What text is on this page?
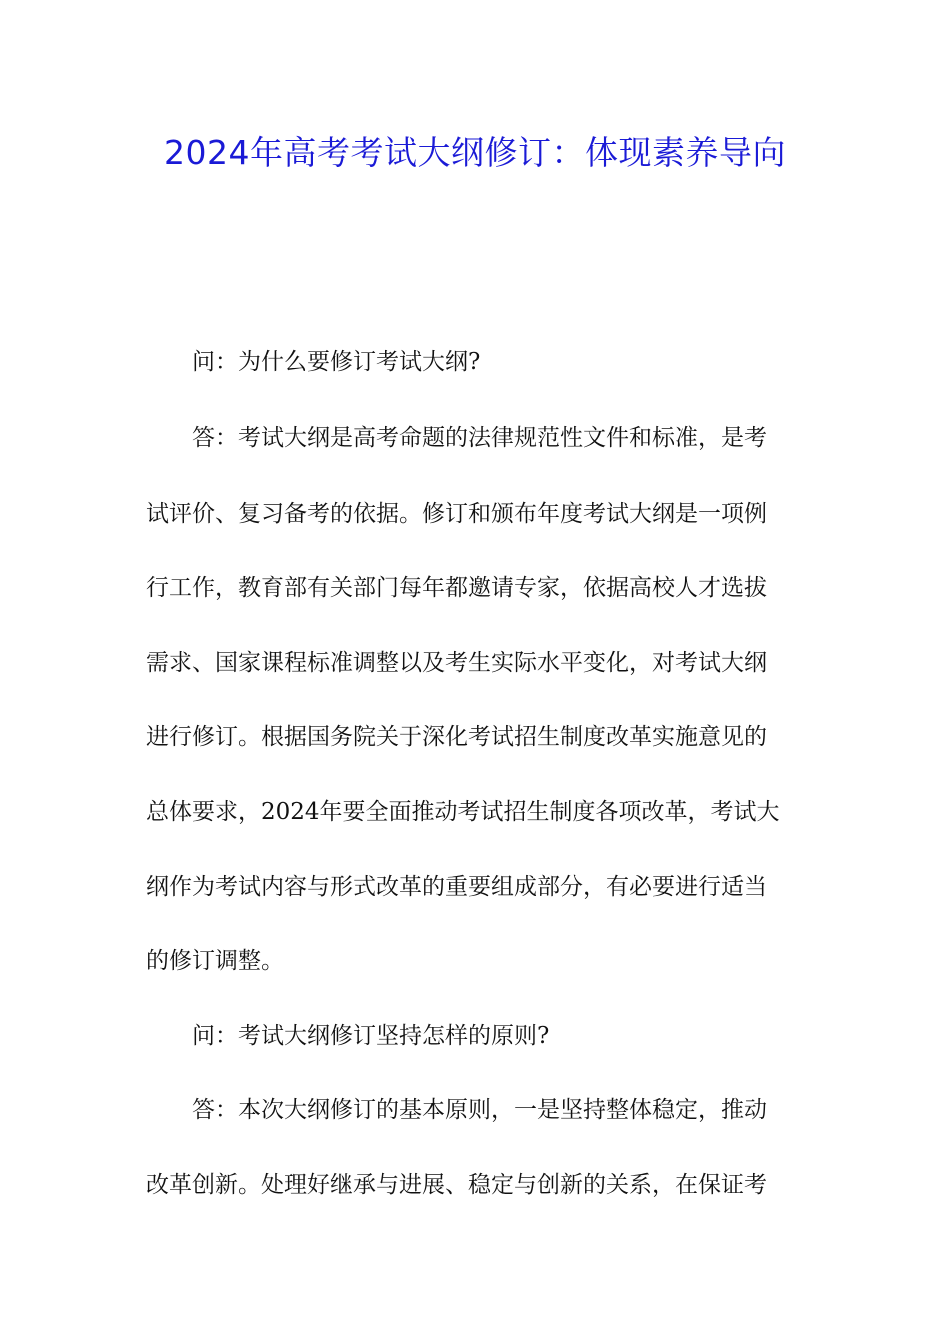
2024年高考考试大纲修订：体现素养导向

问：为什么要修订考试大纲?

答：考试大纲是高考命题的法律规范性文件和标准，是考

试评价、复习备考的依据。修订和颁布年度考试大纲是一项例

行工作，教育部有关部门每年都邀请专家，依据高校人才选拔

需求、国家课程标准调整以及考生实际水平变化，对考试大纲

进行修订。根据国务院关于深化考试招生制度改革实施意见的

总体要求，2024年要全面推动考试招生制度各项改革，考试大

纲作为考试内容与形式改革的重要组成部分，有必要进行适当

的修订调整。

问：考试大纲修订坚持怎样的原则?

答：本次大纲修订的基本原则，一是坚持整体稳定，推动

改革创新。处理好继承与进展、稳定与创新的关系，在保证考
